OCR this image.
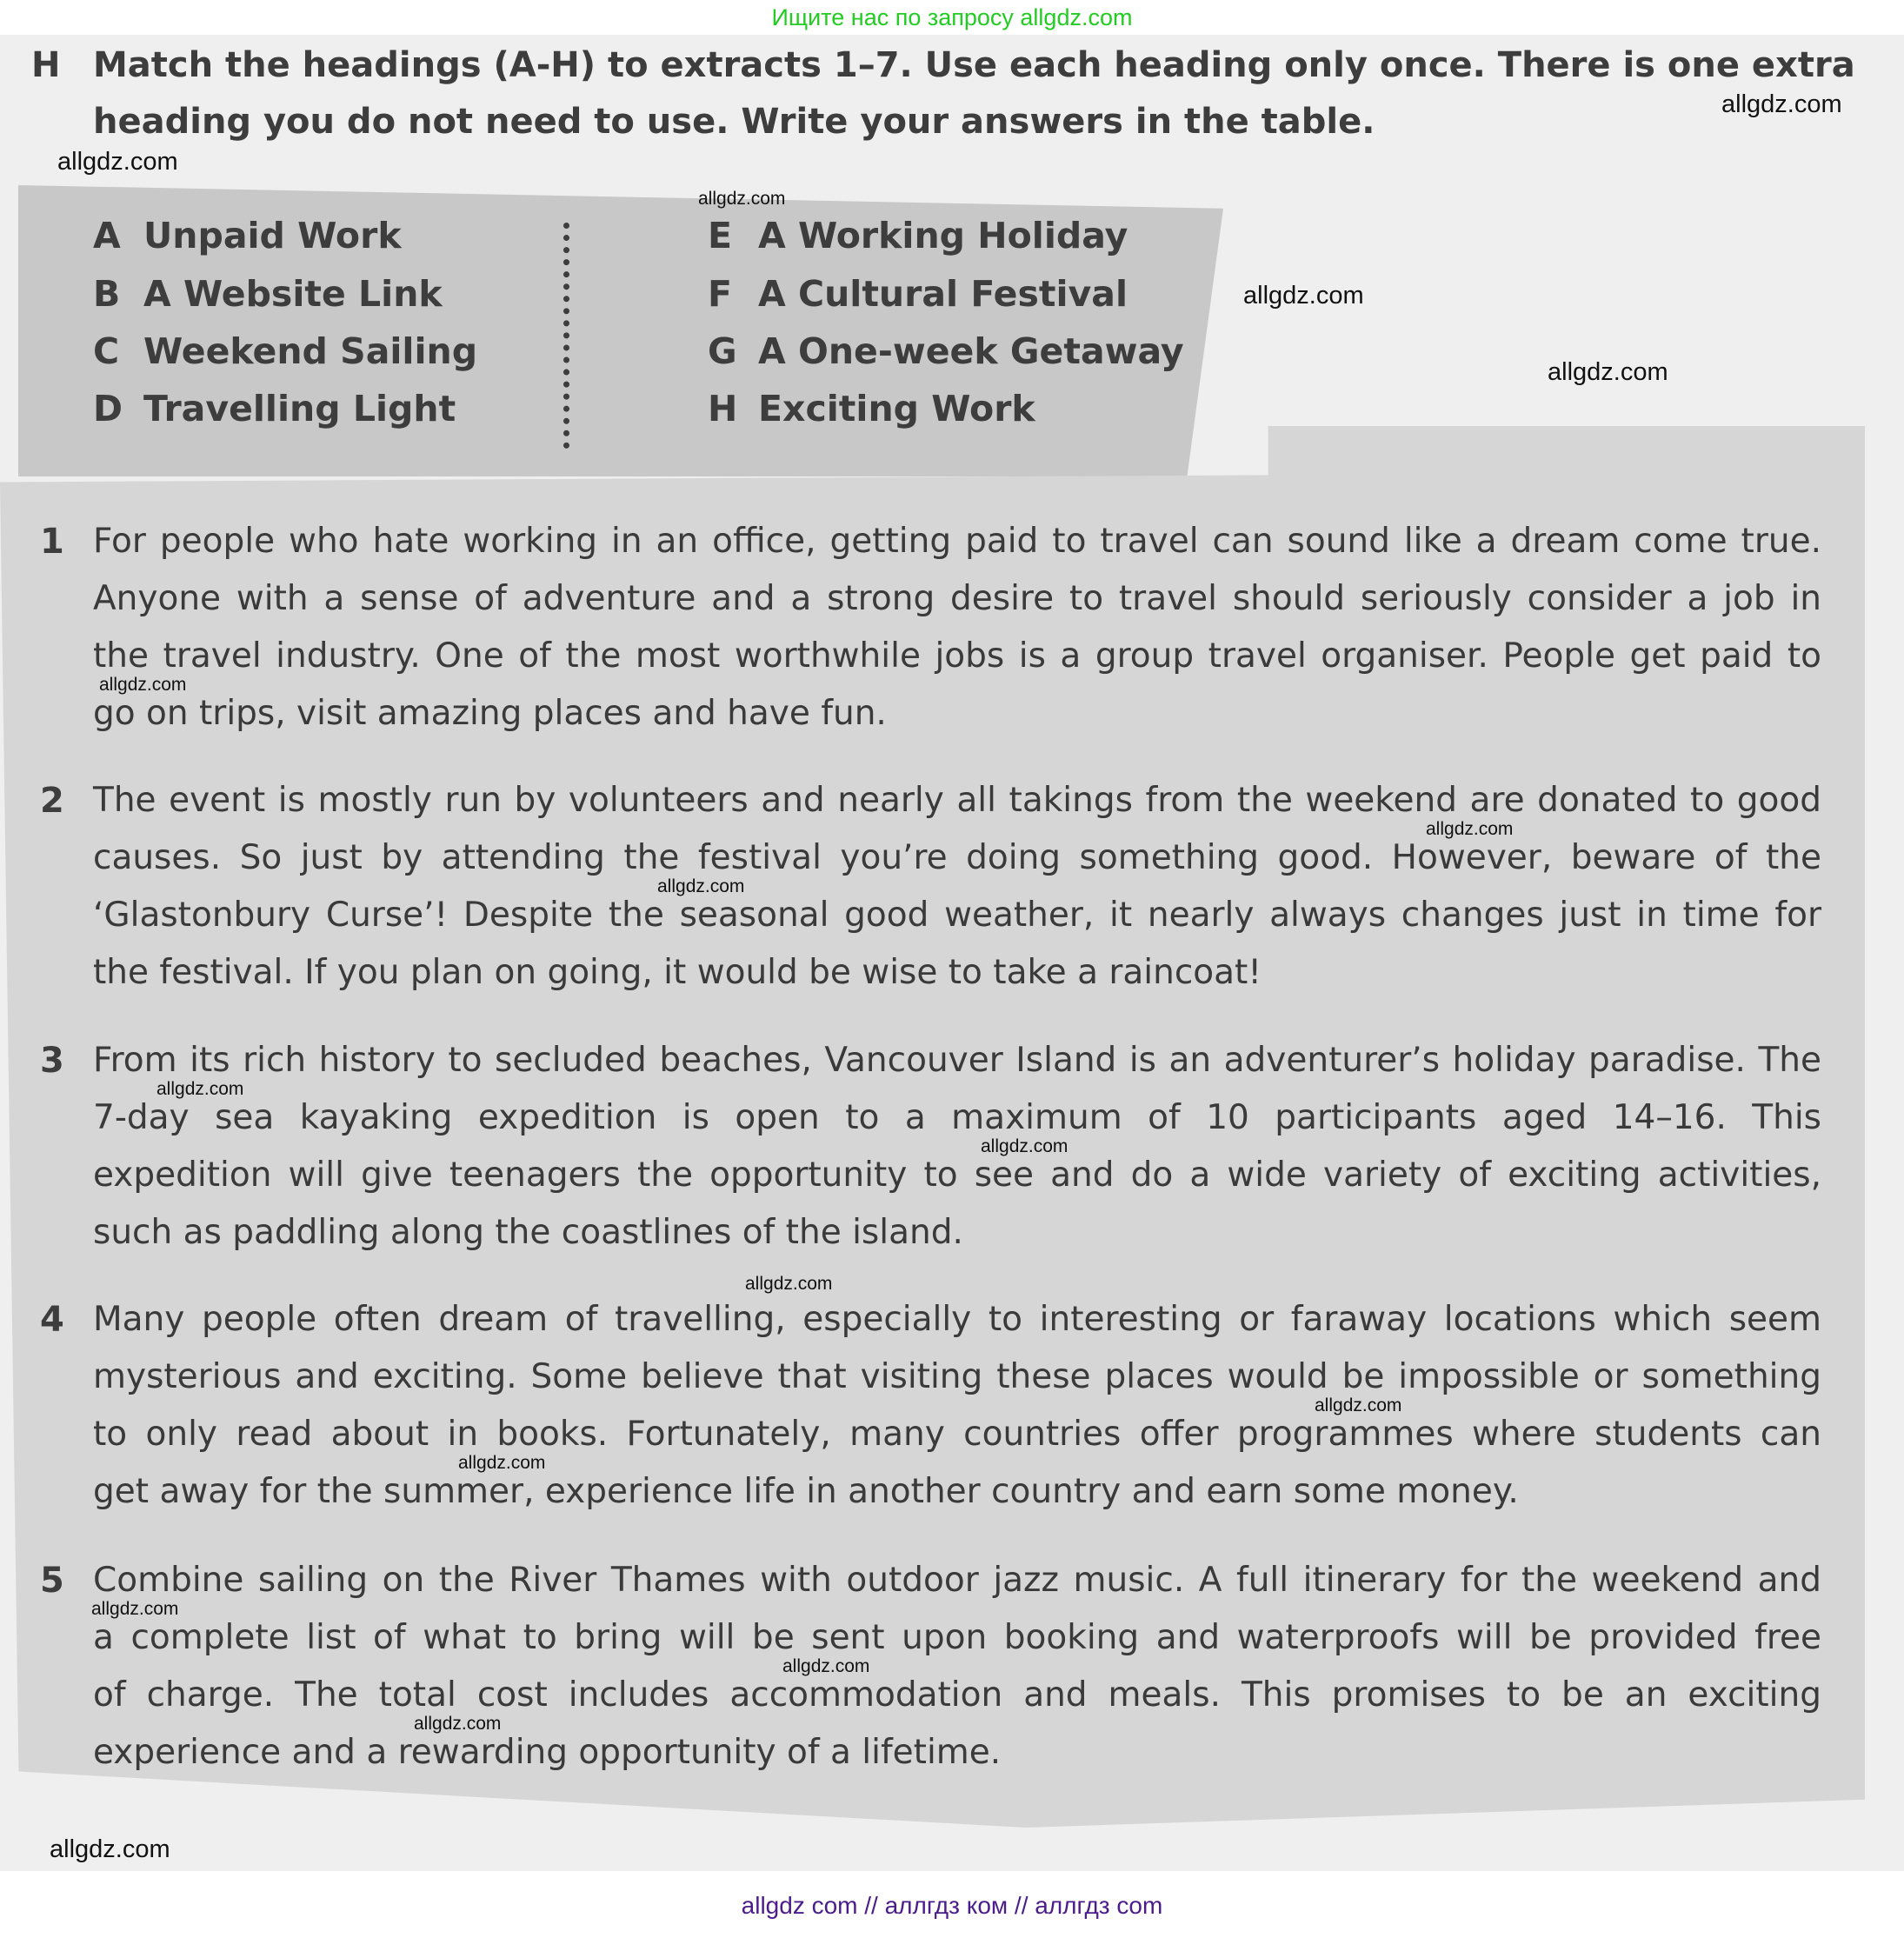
Ищите нас по запросу allgdz.com
H Match the headings (A-H) to extracts 1–7. Use each heading only once. There is one extra
heading you do not need to use. Write your answers in the table.
A Unpaid Work
B A Website Link
C Weekend Sailing
D Travelling Light
E A Working Holiday
F A Cultural Festival
G A One-week Getaway
H Exciting Work
1 For people who hate working in an office, getting paid to travel can sound like a dream come true.
Anyone with a sense of adventure and a strong desire to travel should seriously consider a job in
the travel industry. One of the most worthwhile jobs is a group travel organiser. People get paid to
go on trips, visit amazing places and have fun.
2 The event is mostly run by volunteers and nearly all takings from the weekend are donated to good
causes. So just by attending the festival you’re doing something good. However, beware of the
‘Glastonbury Curse’! Despite the seasonal good weather, it nearly always changes just in time for
the festival. If you plan on going, it would be wise to take a raincoat!
3 From its rich history to secluded beaches, Vancouver Island is an adventurer’s holiday paradise. The
7-day sea kayaking expedition is open to a maximum of 10 participants aged 14–16. This
expedition will give teenagers the opportunity to see and do a wide variety of exciting activities,
such as paddling along the coastlines of the island.
4 Many people often dream of travelling, especially to interesting or faraway locations which seem
mysterious and exciting. Some believe that visiting these places would be impossible or something
to only read about in books. Fortunately, many countries offer programmes where students can
get away for the summer, experience life in another country and earn some money.
5 Combine sailing on the River Thames with outdoor jazz music. A full itinerary for the weekend and
a complete list of what to bring will be sent upon booking and waterproofs will be provided free
of charge. The total cost includes accommodation and meals. This promises to be an exciting
experience and a rewarding opportunity of a lifetime.
allgdz.com
allgdz.com
allgdz.com
allgdz.com
allgdz.com
allgdz.com
allgdz.com
allgdz.com
allgdz.com
allgdz.com
allgdz.com
allgdz.com
allgdz.com
allgdz.com
allgdz.com
allgdz.com
allgdz.com
allgdz com // аллгдз ком // аллгдз com
